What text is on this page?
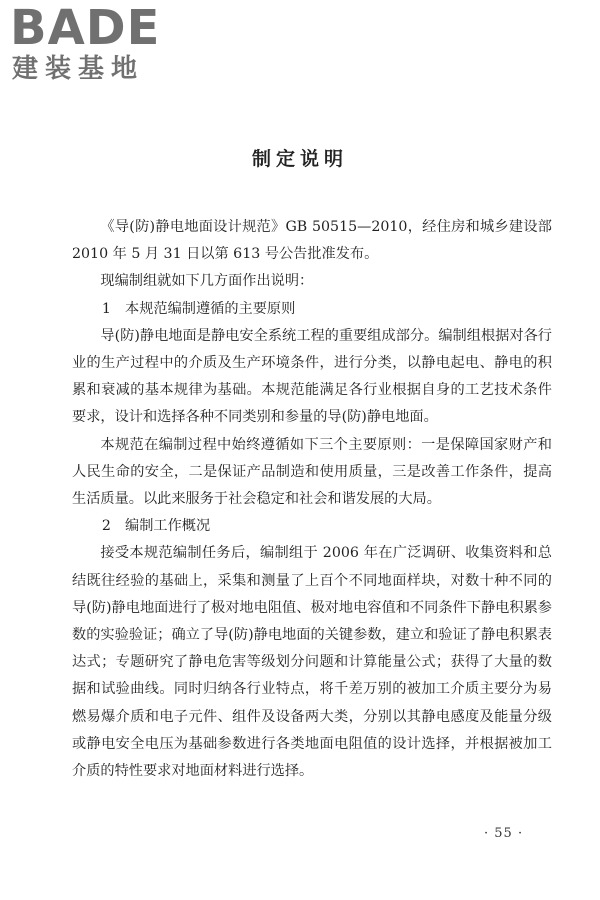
BADE
建装基地
制定说明

《导(防)静电地面设计规范》GB 50515—2010，经住房和城乡建设部 2010 年 5 月 31 日以第 613 号公告批准发布。

现编制组就如下几方面作出说明：

1　本规范编制遵循的主要原则

导(防)静电地面是静电安全系统工程的重要组成部分。编制组根据对各行业的生产过程中的介质及生产环境条件，进行分类，以静电起电、静电的积累和衰减的基本规律为基础。本规范能满足各行业根据自身的工艺技术条件要求，设计和选择各种不同类别和参量的导(防)静电地面。

本规范在编制过程中始终遵循如下三个主要原则：一是保障国家财产和人民生命的安全，二是保证产品制造和使用质量，三是改善工作条件，提高生活质量。以此来服务于社会稳定和社会和谐发展的大局。

2　编制工作概况

接受本规范编制任务后，编制组于 2006 年在广泛调研、收集资料和总结既往经验的基础上，采集和测量了上百个不同地面样块，对数十种不同的导(防)静电地面进行了极对地电阻值、极对地电容值和不同条件下静电积累参数的实验验证；确立了导(防)静电地面的关键参数，建立和验证了静电积累表达式；专题研究了静电危害等级划分问题和计算能量公式；获得了大量的数据和试验曲线。同时归纳各行业特点，将千差万别的被加工介质主要分为易燃易爆介质和电子元件、组件及设备两大类，分别以其静电感度及能量分级或静电安全电压为基础参数进行各类地面电阻值的设计选择，并根据被加工介质的特性要求对地面材料进行选择。

· 55 ·
